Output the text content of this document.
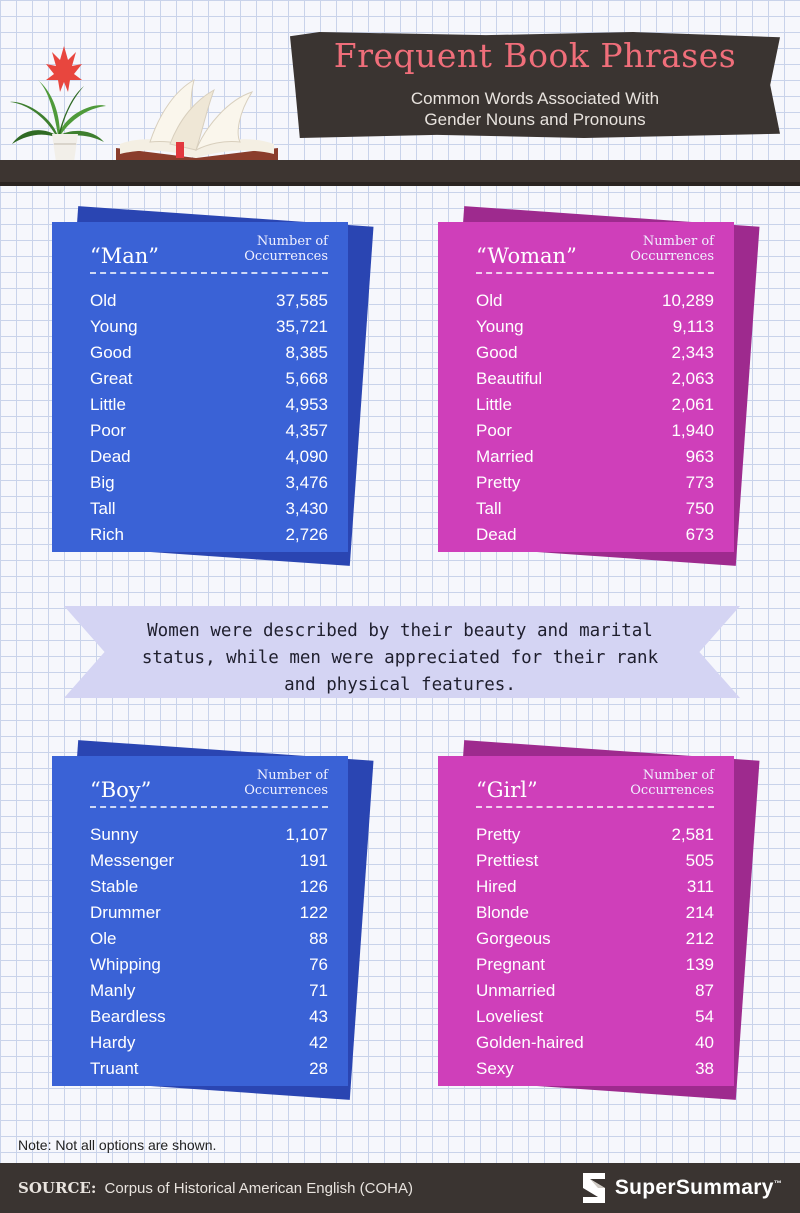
Frequent Book Phrases
Common Words Associated With
Gender Nouns and Pronouns
“Man”
Number of
Occurrences
Old	37,585
Young	35,721
Good	8,385
Great	5,668
Little	4,953
Poor	4,357
Dead	4,090
Big	3,476
Tall	3,430
Rich	2,726
“Woman”
Number of
Occurrences
Old	10,289
Young	9,113
Good	2,343
Beautiful	2,063
Little	2,061
Poor	1,940
Married	963
Pretty	773
Tall	750
Dead	673
Women were described by their beauty and marital
status, while men were appreciated for their rank
and physical features.
“Boy”
Number of
Occurrences
Sunny	1,107
Messenger	191
Stable	126
Drummer	122
Ole	88
Whipping	76
Manly	71
Beardless	43
Hardy	42
Truant	28
“Girl”
Number of
Occurrences
Pretty	2,581
Prettiest	505
Hired	311
Blonde	214
Gorgeous	212
Pregnant	139
Unmarried	87
Loveliest	54
Golden-haired	40
Sexy	38
Note: Not all options are shown.
SOURCE: Corpus of Historical American English (COHA)	SuperSummary™
